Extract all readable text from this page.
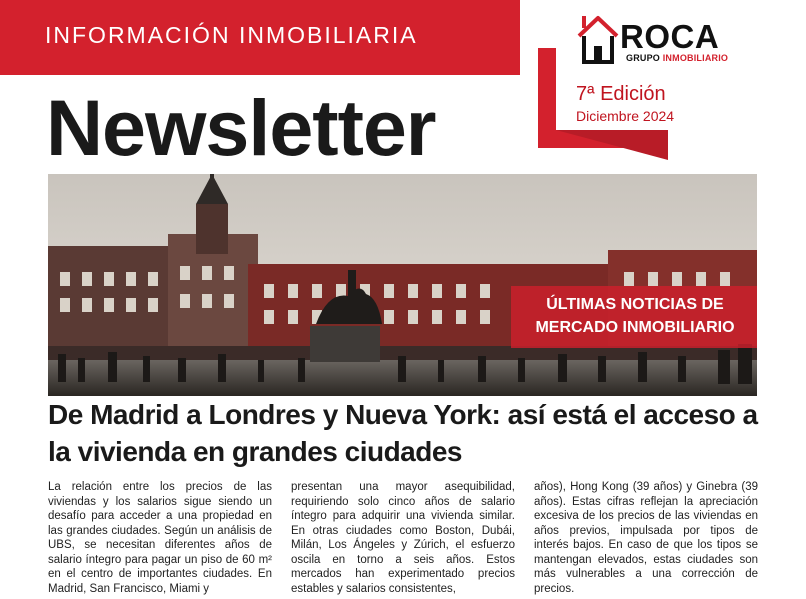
INFORMACIÓN INMOBILIARIA	ROCA
GRUPO INMOBILIARIO

7ª Edición

Diciembre 2024

Newsletter

ÚLTIMAS NOTICIAS DE

MERCADO INMOBILIARIO

De Madrid a Londres y Nueva York: así está el acceso a la vivienda en grandes ciudades

La relación entre los precios de las viviendas y los salarios sigue siendo un desafío para acceder a una propiedad en las grandes ciudades. Según un análisis de UBS, se necesitan diferentes años de salario íntegro para pagar un piso de 60 m² en el centro de importantes ciudades. En Madrid, San Francisco, Miami y

presentan una mayor asequibilidad, requiriendo solo cinco años de salario íntegro para adquirir una vivienda similar. En otras ciudades como Boston, Dubái, Milán, Los Ángeles y Zúrich, el esfuerzo oscila en torno a seis años. Estos mercados han experimentado precios estables y salarios consistentes,

años), Hong Kong (39 años) y Ginebra (39 años). Estas cifras reflejan la apreciación excesiva de los precios de las viviendas en años previos, impulsada por tipos de interés bajos. En caso de que los tipos se mantengan elevados, estas ciudades son más vulnerables a una corrección de precios.
